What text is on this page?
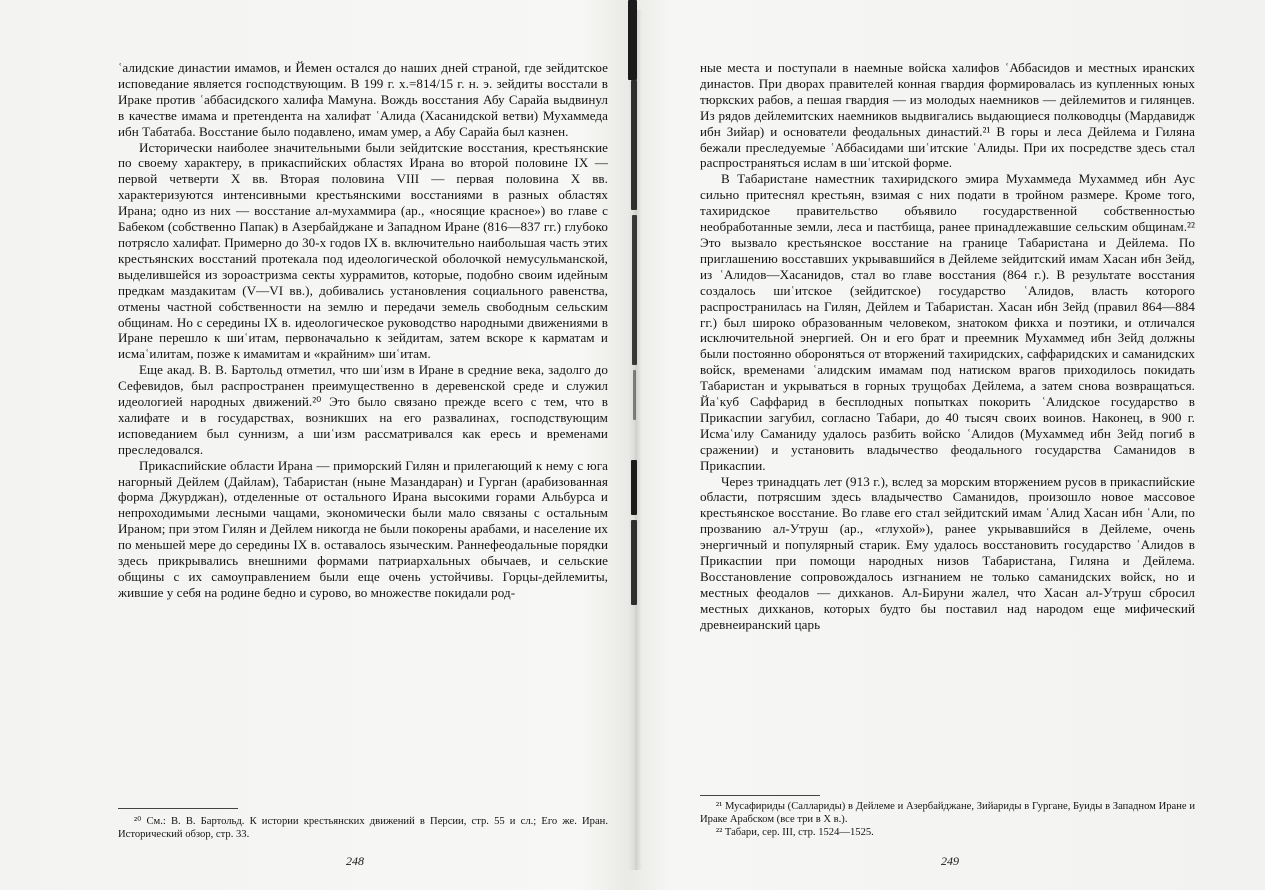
ʿалидские династии имамов, и Йемен остался до наших дней страной, где зейдитское исповедание является господствующим. В 199 г. х.=814/15 г. н. э. зейдиты восстали в Ираке против ʿаббасидского халифа Мамуна. Вождь восстания Абу Сарайа выдвинул в качестве имама и претендента на халифат ʿАлида (Хасанидской ветви) Мухаммеда ибн Табатаба. Восстание было подавлено, имам умер, а Абу Сарайа был казнен.

Исторически наиболее значительными были зейдитские восстания, крестьянские по своему характеру, в прикаспийских областях Ирана во второй половине IX — первой четверти X вв. Вторая половина VIII — первая половина X вв. характеризуются интенсивными крестьянскими восстаниями в разных областях Ирана; одно из них — восстание ал-мухаммира (ар., «носящие красное») во главе с Бабеком (собственно Папак) в Азербайджане и Западном Иране (816—837 гг.) глубоко потрясло халифат. Примерно до 30-х годов IX в. включительно наибольшая часть этих крестьянских восстаний протекала под идеологической оболочкой немусульманской, выделившейся из зороастризма секты хуррамитов, которые, подобно своим идейным предкам маздакитам (V—VI вв.), добивались установления социального равенства, отмены частной собственности на землю и передачи земель свободным сельским общинам. Но с середины IX в. идеологическое руководство народными движениями в Иране перешло к шиʿитам, первоначально к зейдитам, затем вскоре к карматам и исмаʿилитам, позже к имамитам и «крайним» шиʿитам.

Еще акад. В. В. Бартольд отметил, что шиʿизм в Иране в средние века, задолго до Сефевидов, был распространен преимущественно в деревенской среде и служил идеологией народных движений.²⁰ Это было связано прежде всего с тем, что в халифате и в государствах, возникших на его развалинах, господствующим исповеданием был суннизм, а шиʿизм рассматривался как ересь и временами преследовался.

Прикаспийские области Ирана — приморский Гилян и прилегающий к нему с юга нагорный Дейлем (Дайлам), Табаристан (ныне Мазандаран) и Гурган (арабизованная форма Джурджан), отделенные от остального Ирана высокими горами Альбурса и непроходимыми лесными чащами, экономически были мало связаны с остальным Ираном; при этом Гилян и Дейлем никогда не были покорены арабами, и население их по меньшей мере до середины IX в. оставалось языческим. Раннефеодальные порядки здесь прикрывались внешними формами патриархальных обычаев, и сельские общины с их самоуправлением были еще очень устойчивы. Горцы-дейлемиты, жившие у себя на родине бедно и сурово, во множестве покидали род-

²⁰ См.: В. В. Бартольд. К истории крестьянских движений в Персии, стр. 55 и сл.; Его же. Иран. Исторический обзор, стр. 33.

248

ные места и поступали в наемные войска халифов ʿАббасидов и местных иранских династов. При дворах правителей конная гвардия формировалась из купленных юных тюркских рабов, а пешая гвардия — из молодых наемников — дейлемитов и гилянцев. Из рядов дейлемитских наемников выдвигались выдающиеся полководцы (Мардавидж ибн Зийар) и основатели феодальных династий.²¹ В горы и леса Дейлема и Гиляна бежали преследуемые ʿАббасидами шиʿитские ʿАлиды. При их посредстве здесь стал распространяться ислам в шиʿитской форме.

В Табаристане наместник тахиридского эмира Мухаммеда Мухаммед ибн Аус сильно притеснял крестьян, взимая с них подати в тройном размере. Кроме того, тахиридское правительство объявило государственной собственностью необработанные земли, леса и пастбища, ранее принадлежавшие сельским общинам.²² Это вызвало крестьянское восстание на границе Табаристана и Дейлема. По приглашению восставших укрывавшийся в Дейлеме зейдитский имам Хасан ибн Зейд, из ʿАлидов—Хасанидов, стал во главе восстания (864 г.). В результате восстания создалось шиʿитское (зейдитское) государство ʿАлидов, власть которого распространилась на Гилян, Дейлем и Табаристан. Хасан ибн Зейд (правил 864—884 гг.) был широко образованным человеком, знатоком фикха и поэтики, и отличался исключительной энергией. Он и его брат и преемник Мухаммед ибн Зейд должны были постоянно обороняться от вторжений тахиридских, саффаридских и саманидских войск, временами ʿалидским имамам под натиском врагов приходилось покидать Табаристан и укрываться в горных трущобах Дейлема, а затем снова возвращаться. Йаʿкуб Саффарид в бесплодных попытках покорить ʿАлидское государство в Прикаспии загубил, согласно Табари, до 40 тысяч своих воинов. Наконец, в 900 г. Исмаʿилу Саманиду удалось разбить войско ʿАлидов (Мухаммед ибн Зейд погиб в сражении) и установить владычество феодального государства Саманидов в Прикаспии.

Через тринадцать лет (913 г.), вслед за морским вторжением русов в прикаспийские области, потрясшим здесь владычество Саманидов, произошло новое массовое крестьянское восстание. Во главе его стал зейдитский имам ʿАлид Хасан ибн ʿАли, по прозванию ал-Утруш (ар., «глухой»), ранее укрывавшийся в Дейлеме, очень энергичный и популярный старик. Ему удалось восстановить государство ʿАлидов в Прикаспии при помощи народных низов Табаристана, Гиляна и Дейлема. Восстановление сопровождалось изгнанием не только саманидских войск, но и местных феодалов — дихканов. Ал-Бируни жалел, что Хасан ал-Утруш сбросил местных дихканов, которых будто бы поставил над народом еще мифический древнеиранский царь

²¹ Мусафириды (Саллариды) в Дейлеме и Азербайджане, Зийариды в Гургане, Буиды в Западном Иране и Ираке Арабском (все три в X в.).

²² Табари, сер. III, стр. 1524—1525.

249
